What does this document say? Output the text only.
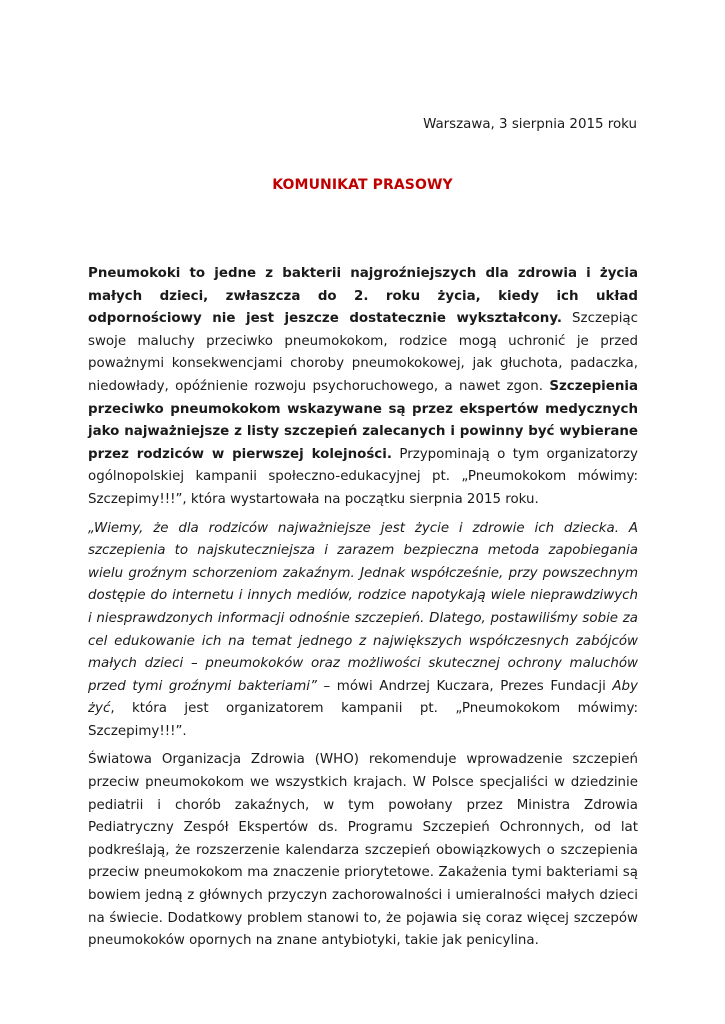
Warszawa, 3 sierpnia 2015 roku
KOMUNIKAT PRASOWY

Pneumokoki to jedne z bakterii najgroźniejszych dla zdrowia i życia małych dzieci, zwłaszcza do 2. roku życia, kiedy ich układ odpornościowy nie jest jeszcze dostatecznie wykształcony. Szczepiąc swoje maluchy przeciwko pneumokokom, rodzice mogą uchronić je przed poważnymi konsekwencjami choroby pneumokokowej, jak głuchota, padaczka, niedowłady, opóźnienie rozwoju psychoruchowego, a nawet zgon. Szczepienia przeciwko pneumokokom wskazywane są przez ekspertów medycznych jako najważniejsze z listy szczepień zalecanych i powinny być wybierane przez rodziców w pierwszej kolejności. Przypominają o tym organizatorzy ogólnopolskiej kampanii społeczno-edukacyjnej pt. „Pneumokokom mówimy: Szczepimy!!!”, która wystartowała na początku sierpnia 2015 roku.

„Wiemy, że dla rodziców najważniejsze jest życie i zdrowie ich dziecka. A szczepienia to najskuteczniejsza i zarazem bezpieczna metoda zapobiegania wielu groźnym schorzeniom zakaźnym. Jednak współcześnie, przy powszechnym dostępie do internetu i innych mediów, rodzice napotykają wiele nieprawdziwych i niesprawdzonych informacji odnośnie szczepień. Dlatego, postawiliśmy sobie za cel edukowanie ich na temat jednego z największych współczesnych zabójców małych dzieci – pneumokoków oraz możliwości skutecznej ochrony maluchów przed tymi groźnymi bakteriami” – mówi Andrzej Kuczara, Prezes Fundacji Aby żyć, która jest organizatorem kampanii pt. „Pneumokokom mówimy: Szczepimy!!!”.

Światowa Organizacja Zdrowia (WHO) rekomenduje wprowadzenie szczepień przeciw pneumokokom we wszystkich krajach. W Polsce specjaliści w dziedzinie pediatrii i chorób zakaźnych, w tym powołany przez Ministra Zdrowia Pediatryczny Zespół Ekspertów ds. Programu Szczepień Ochronnych, od lat podkreślają, że rozszerzenie kalendarza szczepień obowiązkowych o szczepienia przeciw pneumokokom ma znaczenie priorytetowe. Zakażenia tymi bakteriami są bowiem jedną z głównych przyczyn zachorowalności i umieralności małych dzieci na świecie. Dodatkowy problem stanowi to, że pojawia się coraz więcej szczepów pneumokoków opornych na znane antybiotyki, takie jak penicylina.
